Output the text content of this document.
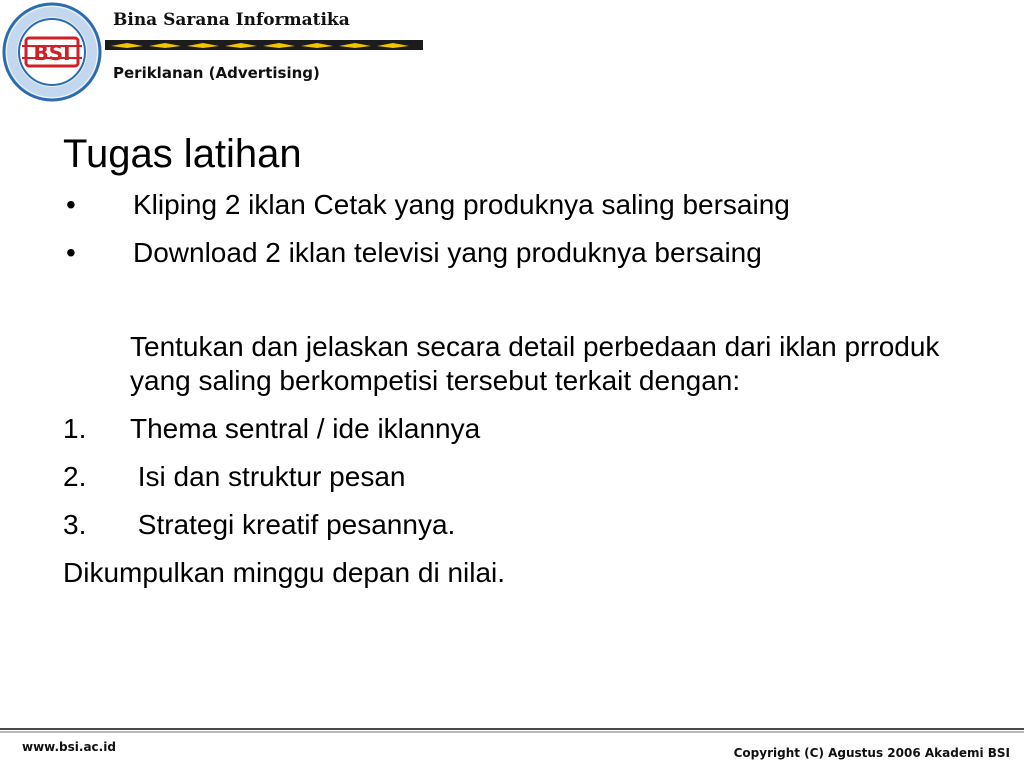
BSI
Bina Sarana Informatika
Periklanan (Advertising)
Tugas latihan
•	Kliping 2 iklan Cetak yang produknya saling bersaing
•	Download 2 iklan televisi yang produknya bersaing
Tentukan dan jelaskan secara detail perbedaan dari iklan prroduk yang saling berkompetisi tersebut terkait dengan:
1.	Thema sentral / ide iklannya
2.	Isi dan struktur pesan
3.	Strategi kreatif pesannya.
Dikumpulkan minggu depan di nilai.
www.bsi.ac.id	Copyright (C) Agustus 2006 Akademi BSI
